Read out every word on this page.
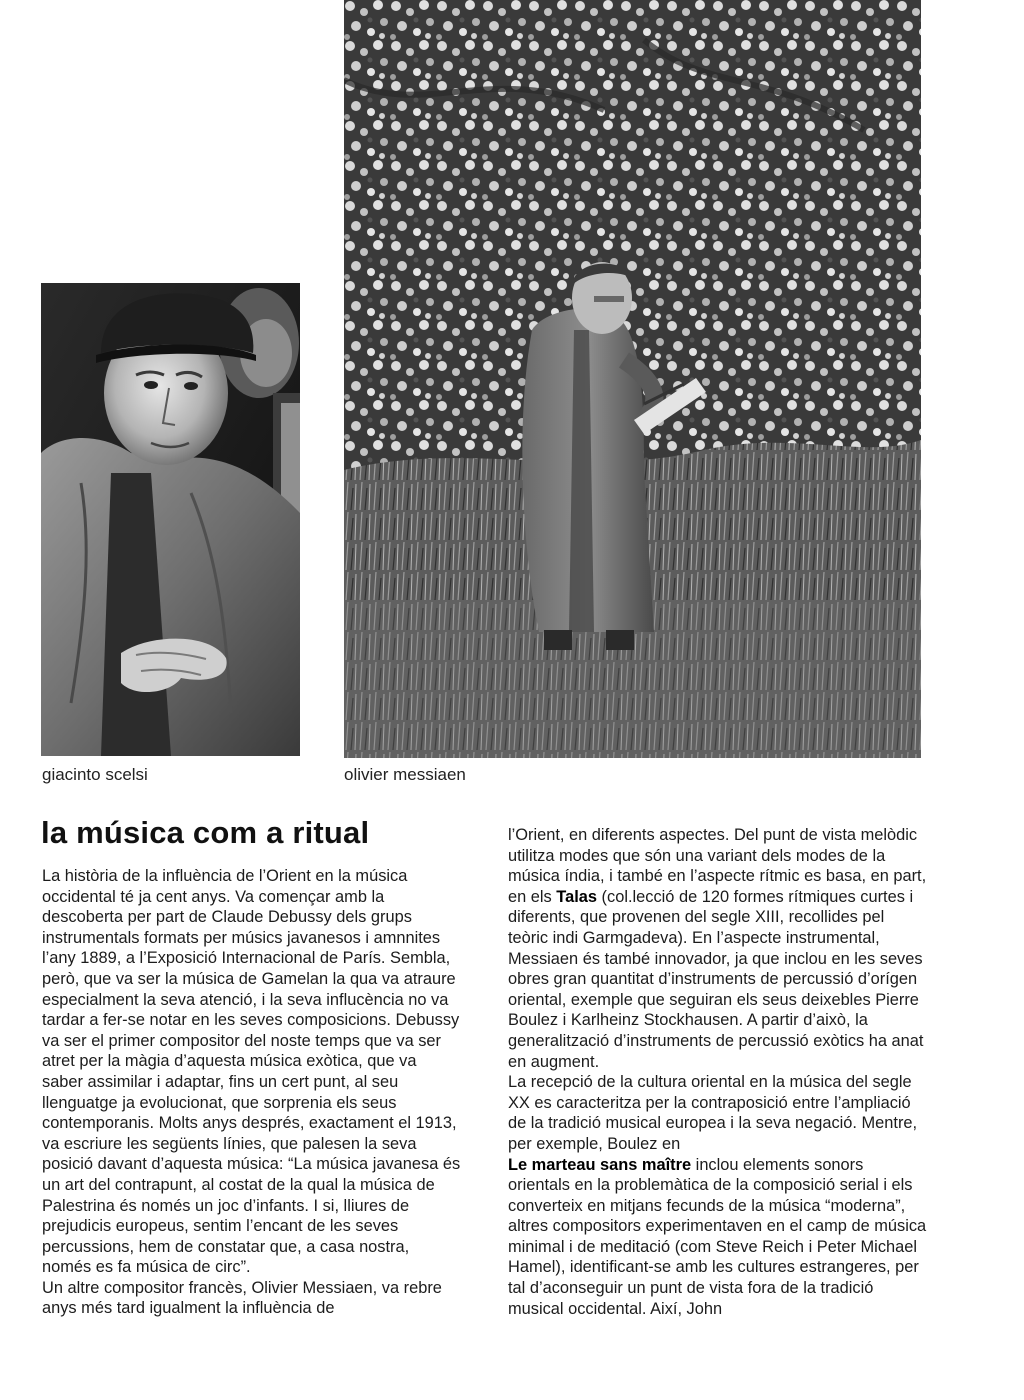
giacinto scelsi	olivier messiaen
la música com a ritual

La història de la influència de l’Orient en la música occidental té ja cent anys. Va començar amb la descoberta per part de Claude Debussy dels grups instrumentals formats per músics javanesos i amnnites l’any 1889, a l’Exposició Internacional de París. Sembla, però, que va ser la música de Gamelan la qua va atraure especialment la seva atenció, i la seva influcència no va tardar a fer-se notar en les seves composicions. Debussy va ser el primer compositor del noste temps que va ser atret per la màgia d’aquesta música exòtica, que va saber assimilar i adaptar, fins un cert punt, al seu llenguatge ja evolucionat, que sorprenia els seus contemporanis. Molts anys després, exactament el 1913, va escriure les següents línies, que palesen la seva posició davant d’aquesta música: “La música javanesa és un art del contrapunt, al costat de la qual la música de Palestrina és només un joc d’infants. I si, lliures de prejudicis europeus, sentim l’encant de les seves percussions, hem de constatar que, a casa nostra, només es fa música de circ”.

Un altre compositor francès, Olivier Messiaen, va rebre anys més tard igualment la influència de

l’Orient, en diferents aspectes. Del punt de vista melòdic utilitza modes que són una variant dels modes de la música índia, i també en l’aspecte rítmic es basa, en part, en els Talas (col.lecció de 120 formes rítmiques curtes i diferents, que provenen del segle XIII, recollides pel teòric indi Garmgadeva). En l’aspecte instrumental, Messiaen és també innovador, ja que inclou en les seves obres gran quantitat d’instruments de percussió d’orígen oriental, exemple que seguiran els seus deixebles Pierre Boulez i Karlheinz Stockhausen. A partir d’això, la generalització d’instruments de percussió exòtics ha anat en augment.

La recepció de la cultura oriental en la música del segle XX es caracteritza per la contraposició entre l’ampliació de la tradició musical europea i la seva negació. Mentre, per exemple, Boulez en
Le marteau sans maître inclou elements sonors orientals en la problemàtica de la composició serial i els converteix en mitjans fecunds de la música “moderna”, altres compositors experimentaven en el camp de música minimal i de meditació (com Steve Reich i Peter Michael Hamel), identificant-se amb les cultures estrangeres, per tal d’aconseguir un punt de vista fora de la tradició musical occidental. Així, John
